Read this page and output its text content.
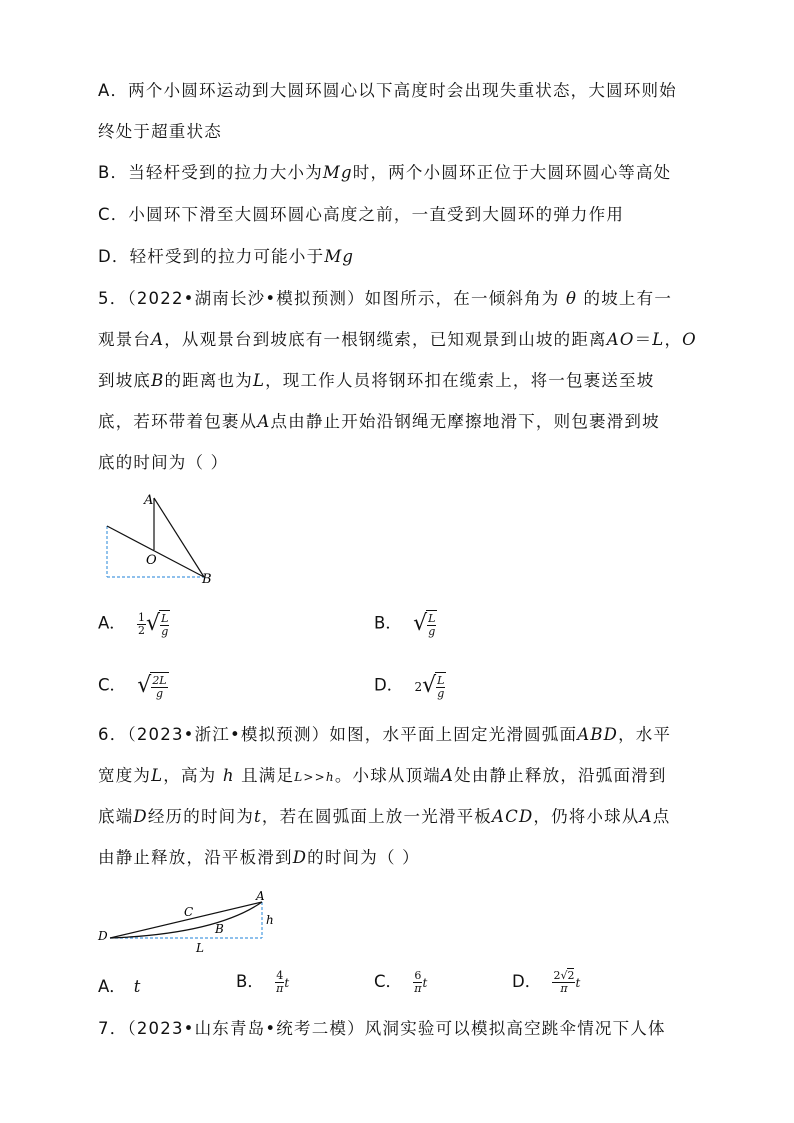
A．两个小圆环运动到大圆环圆心以下高度时会出现失重状态，大圆环则始
终处于超重状态
B．当轻杆受到的拉力大小为Mg时，两个小圆环正位于大圆环圆心等高处
C．小圆环下滑至大圆环圆心高度之前，一直受到大圆环的弹力作用
D．轻杆受到的拉力可能小于Mg
5．（2022•湖南长沙•模拟预测）如图所示，在一倾斜角为 θ 的坡上有一
观景台A，从观景台到坡底有一根钢缆索，已知观景到山坡的距离AO＝L，O
到坡底B的距离也为L，现工作人员将钢环扣在缆索上，将一包裹送至坡
底，若环带着包裹从A点由静止开始沿钢绳无摩擦地滑下，则包裹滑到坡
底的时间为（ ）
A
O
B
A． $\frac{1}{2}$ √ $\frac{L}{g}$	B． √ $\frac{L}{g}$
C． √ $\frac{2L}{g}$	D． 2 √ $\frac{L}{g}$
6．（2023•浙江•模拟预测）如图，水平面上固定光滑圆弧面ABD，水平
宽度为L，高为 h 且满足L>>h。小球从顶端A处由静止释放，沿弧面滑到
底端D经历的时间为t，若在圆弧面上放一光滑平板ACD，仍将小球从A点
由静止释放，沿平板滑到D的时间为（ ）
A
C
B
D
h
L
A． t	B． $\frac{4}{\pi}$ t	C． $\frac{6}{\pi}$ t	D． $\frac{2√2}{\pi}$ t
7．（2023•山东青岛•统考二模）风洞实验可以模拟高空跳伞情况下人体
